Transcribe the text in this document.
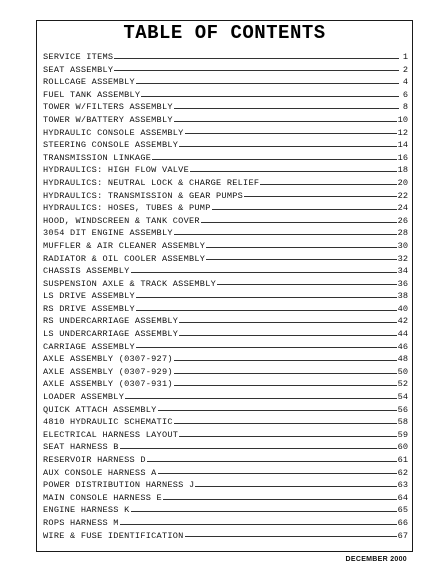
TABLE OF CONTENTS
SERVICE ITEMS	1
SEAT ASSEMBLY	2
ROLLCAGE ASSEMBLY	4
FUEL TANK ASSEMBLY	6
TOWER W/FILTERS ASSEMBLY	8
TOWER W/BATTERY ASSEMBLY	10
HYDRAULIC CONSOLE ASSEMBLY	12
STEERING CONSOLE ASSEMBLY	14
TRANSMISSION LINKAGE	16
HYDRAULICS: HIGH FLOW VALVE	18
HYDRAULICS: NEUTRAL LOCK & CHARGE RELIEF	20
HYDRAULICS: TRANSMISSION & GEAR PUMPS	22
HYDRAULICS: HOSES, TUBES & PUMP	24
HOOD, WINDSCREEN & TANK COVER	26
3054 DIT ENGINE ASSEMBLY	28
MUFFLER & AIR CLEANER ASSEMBLY	30
RADIATOR & OIL COOLER ASSEMBLY	32
CHASSIS ASSEMBLY	34
SUSPENSION AXLE & TRACK ASSEMBLY	36
LS DRIVE ASSEMBLY	38
RS DRIVE ASSEMBLY	40
RS UNDERCARRIAGE ASSEMBLY	42
LS UNDERCARRIAGE ASSEMBLY	44
CARRIAGE ASSEMBLY	46
AXLE ASSEMBLY (0307-927)	48
AXLE ASSEMBLY (0307-929)	50
AXLE ASSEMBLY (0307-931)	52
LOADER ASSEMBLY	54
QUICK ATTACH ASSEMBLY	56
4810 HYDRAULIC SCHEMATIC	58
ELECTRICAL HARNESS LAYOUT	59
SEAT HARNESS B	60
RESERVOIR HARNESS D	61
AUX CONSOLE HARNESS A	62
POWER DISTRIBUTION HARNESS J	63
MAIN CONSOLE HARNESS E	64
ENGINE HARNESS K	65
ROPS HARNESS M	66
WIRE & FUSE IDENTIFICATION	67
DECEMBER 2000
